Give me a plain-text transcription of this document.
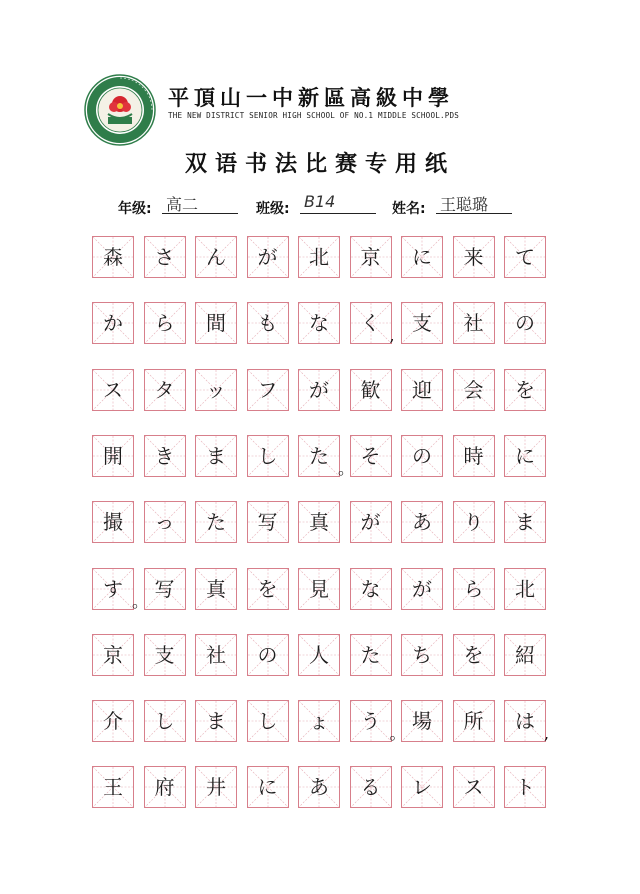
平頂山一中新區高級中學
THE NEW DISTRICT SENIOR HIGH SCHOOL OF NO.1 MIDDLE SCHOOL.PDS
双语书法比赛专用纸
年级: 高二	班级: B14	姓名: 王聪璐
森	さ	ん	が	北	京	に	来	て
か	ら	間	も	な	く	支	社	の
ス	タ	ッ	フ	が	歓	迎	会	を
開	き	ま	し	た	そ	の	時	に
撮	っ	た	写	真	が	あ	り	ま
す	写	真	を	見	な	が	ら	北
京	支	社	の	人	た	ち	を	紹
介	し	ま	し	ょ	う	場	所	は
王	府	井	に	あ	る	レ	ス	ト
,
。
。
。	,
